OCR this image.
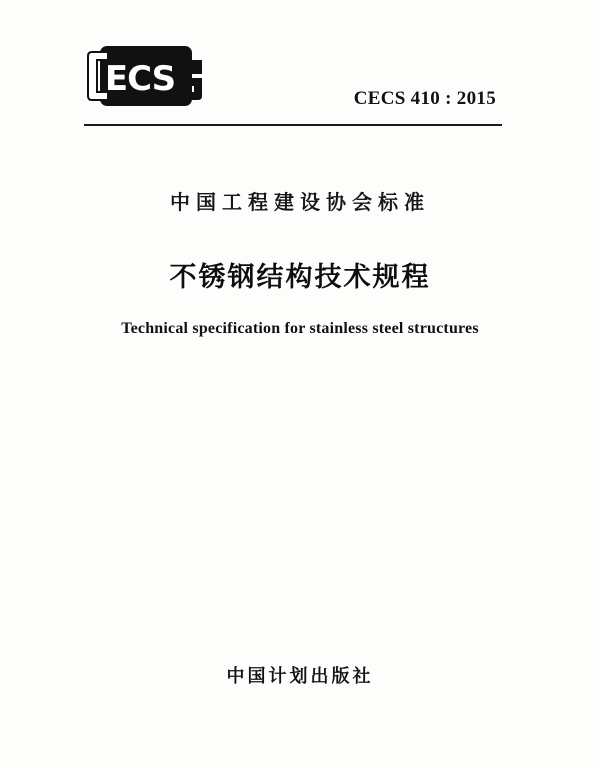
ECS	CECS 410 : 2015
中国工程建设协会标准
不锈钢结构技术规程
Technical specification for stainless steel structures
中国计划出版社
